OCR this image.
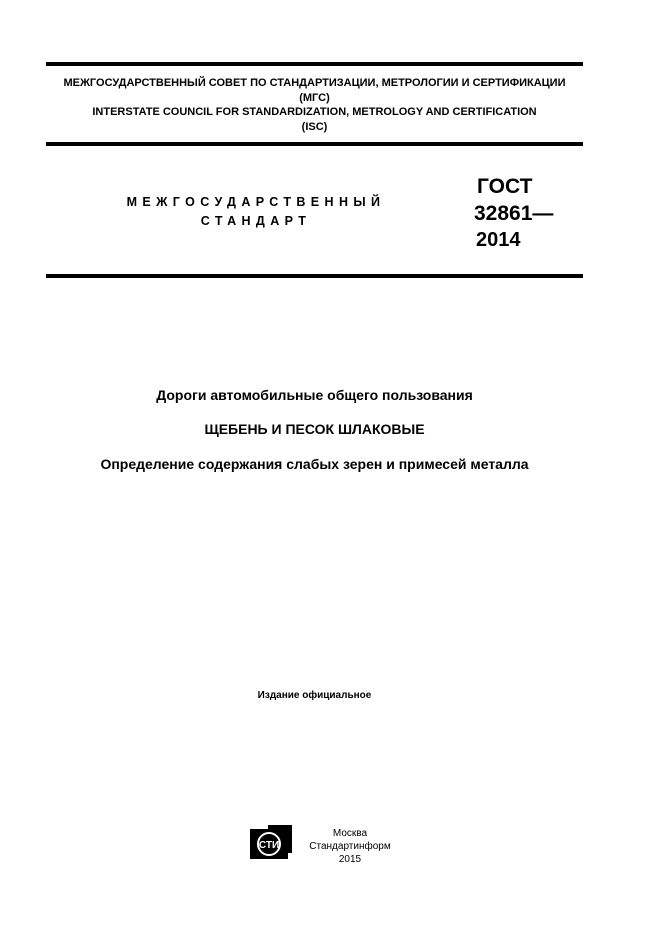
МЕЖГОСУДАРСТВЕННЫЙ СОВЕТ ПО СТАНДАРТИЗАЦИИ, МЕТРОЛОГИИ И СЕРТИФИКАЦИИ
(МГС)
INTERSTATE COUNCIL FOR STANDARDIZATION, METROLOGY AND CERTIFICATION
(ISC)
МЕЖГОСУДАРСТВЕННЫЙ
СТАНДАРТ
ГОСТ
32861—
2014
Дороги автомобильные общего пользования
ЩЕБЕНЬ И ПЕСОК ШЛАКОВЫЕ
Определение содержания слабых зерен и примесей металла
Издание официальное
СТИ
Москва
Стандартинформ
2015
